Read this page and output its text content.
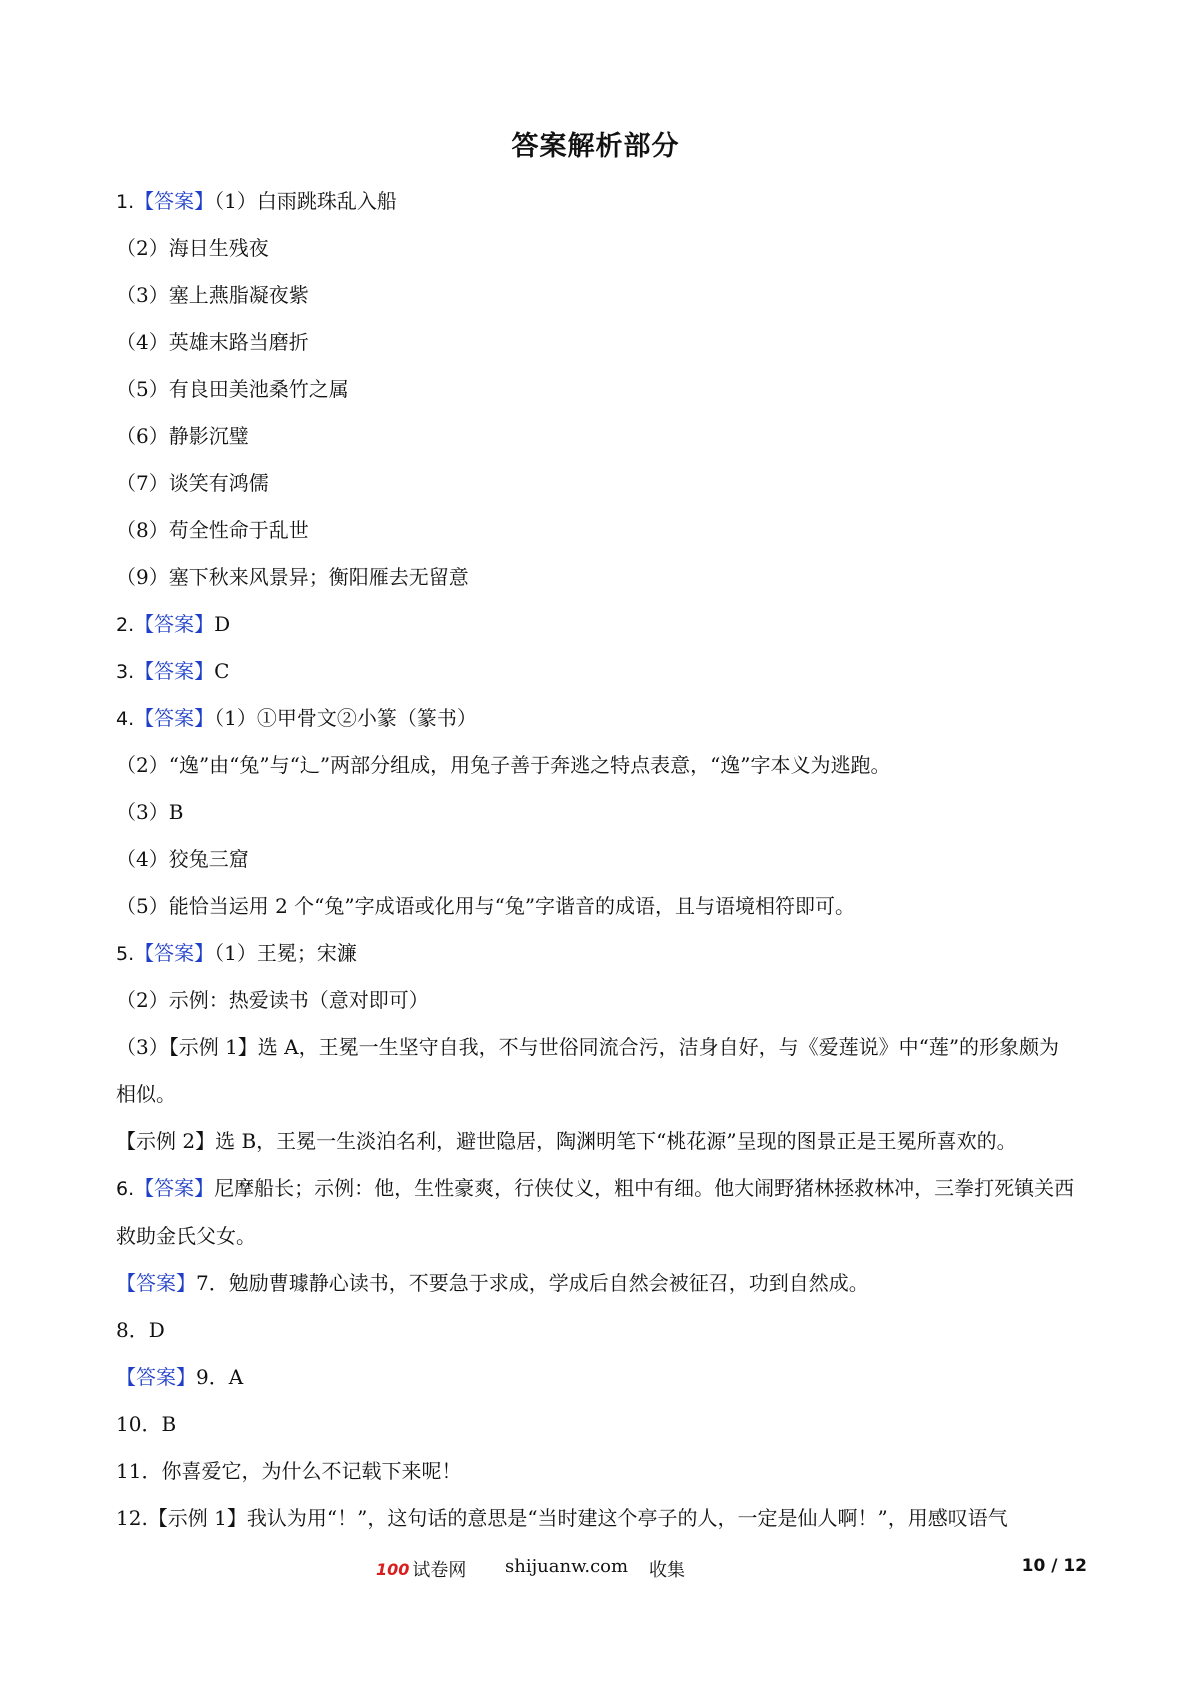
答案解析部分
1.【答案】（1）白雨跳珠乱入船
（2）海日生残夜
（3）塞上燕脂凝夜紫
（4）英雄末路当磨折
（5）有良田美池桑竹之属
（6）静影沉璧
（7）谈笑有鸿儒
（8）苟全性命于乱世
（9）塞下秋来风景异；衡阳雁去无留意
2.【答案】D
3.【答案】C
4.【答案】（1）①甲骨文②小篆（篆书）
（2）“逸”由“兔”与“辶”两部分组成，用兔子善于奔逃之特点表意，“逸”字本义为逃跑。
（3）B
（4）狡兔三窟
（5）能恰当运用 2 个“兔”字成语或化用与“兔”字谐音的成语，且与语境相符即可。
5.【答案】（1）王冕；宋濂
（2）示例：热爱读书（意对即可）
（3）【示例 1】选 A，王冕一生坚守自我，不与世俗同流合污，洁身自好，与《爱莲说》中“莲”的形象颇为相似。
【示例 2】选 B，王冕一生淡泊名利，避世隐居，陶渊明笔下“桃花源”呈现的图景正是王冕所喜欢的。
6.【答案】尼摩船长；示例：他，生性豪爽，行侠仗义，粗中有细。他大闹野猪林拯救林冲，三拳打死镇关西救助金氏父女。
【答案】7．勉励曹璩静心读书，不要急于求成，学成后自然会被征召，功到自然成。
8．D
【答案】9．A
10．B
11．你喜爱它，为什么不记载下来呢！
12.【示例 1】我认为用“！”，这句话的意思是“当时建这个亭子的人，一定是仙人啊！”，用感叹语气
100 试卷网 shijuanw.com 收集	10 / 12
